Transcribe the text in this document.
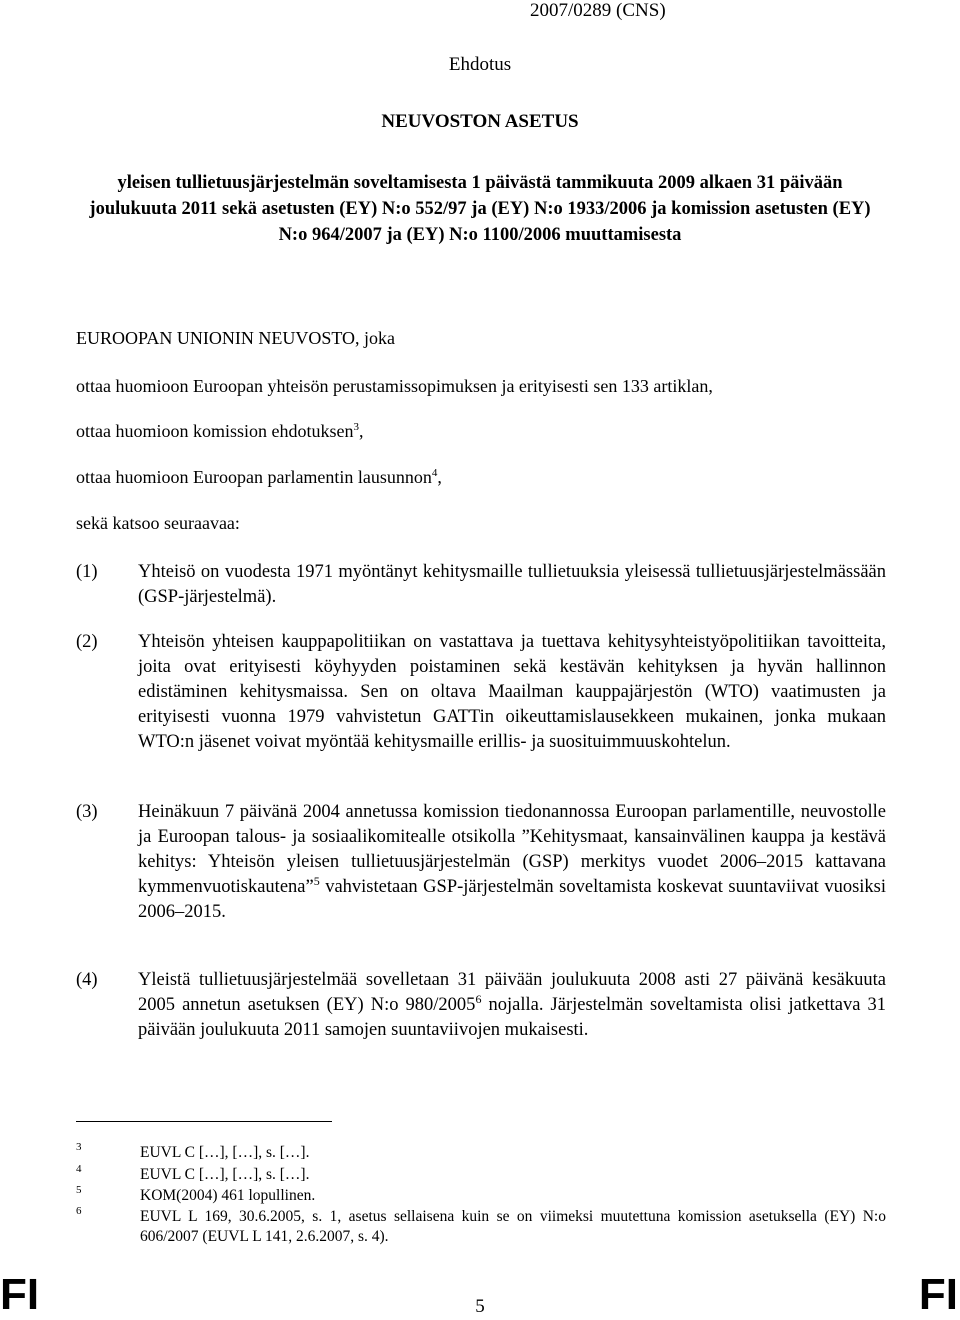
2007/0289 (CNS)
Ehdotus
NEUVOSTON ASETUS
yleisen tullietuusjärjestelmän soveltamisesta 1 päivästä tammikuuta 2009 alkaen 31 päivään joulukuuta 2011 sekä asetusten (EY) N:o 552/97 ja (EY) N:o 1933/2006 ja komission asetusten (EY) N:o 964/2007 ja (EY) N:o 1100/2006 muuttamisesta
EUROOPAN UNIONIN NEUVOSTO, joka
ottaa huomioon Euroopan yhteisön perustamissopimuksen ja erityisesti sen 133 artiklan,
ottaa huomioon komission ehdotuksen$^3$,
ottaa huomioon Euroopan parlamentin lausunnon$^4$,
sekä katsoo seuraavaa:
(1) Yhteisö on vuodesta 1971 myöntänyt kehitysmaille tullietuuksia yleisessä tullietuusjärjestelmässään (GSP-järjestelmä).
(2) Yhteisön yhteisen kauppapolitiikan on vastattava ja tuettava kehitysyhteistyöpolitiikan tavoitteita, joita ovat erityisesti köyhyyden poistaminen sekä kestävän kehityksen ja hyvän hallinnon edistäminen kehitysmaissa. Sen on oltava Maailman kauppajärjestön (WTO) vaatimusten ja erityisesti vuonna 1979 vahvistetun GATTin oikeuttamislausekkeen mukainen, jonka mukaan WTO:n jäsenet voivat myöntää kehitysmaille erillis- ja suosituimmuuskohtelun.
(3) Heinäkuun 7 päivänä 2004 annetussa komission tiedonannossa Euroopan parlamentille, neuvostolle ja Euroopan talous- ja sosiaalikomitealle otsikolla ”Kehitysmaat, kansainvälinen kauppa ja kestävä kehitys: Yhteisön yleisen tullietuusjärjestelmän (GSP) merkitys vuodet 2006–2015 kattavana kymmenvuotiskautena”$^5$ vahvistetaan GSP-järjestelmän soveltamista koskevat suuntaviivat vuosiksi 2006–2015.
(4) Yleistä tullietuusjärjestelmää sovelletaan 31 päivään joulukuuta 2008 asti 27 päivänä kesäkuuta 2005 annetun asetuksen (EY) N:o 980/2005$^6$ nojalla. Järjestelmän soveltamista olisi jatkettava 31 päivään joulukuuta 2011 samojen suuntaviivojen mukaisesti.
3	EUVL C […], […], s. […].
4	EUVL C […], […], s. […].
5	KOM(2004) 461 lopullinen.
6	EUVL L 169, 30.6.2005, s. 1, asetus sellaisena kuin se on viimeksi muutettuna komission asetuksella (EY) N:o 606/2007 (EUVL L 141, 2.6.2007, s. 4).
FI	5	FI
